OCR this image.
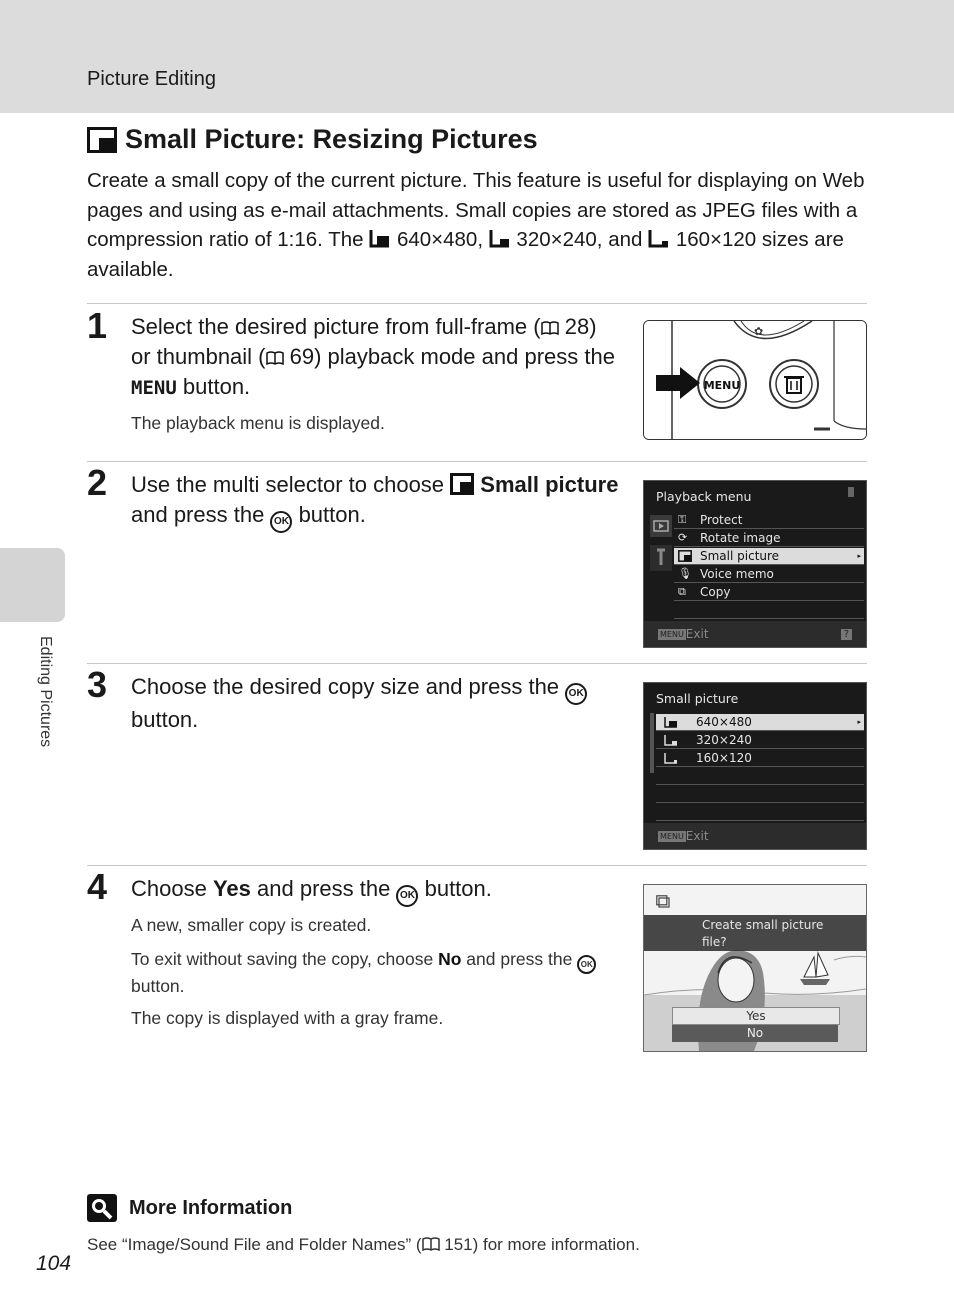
Picture Editing
Editing Pictures
Small Picture: Resizing Pictures
Create a small copy of the current picture. This feature is useful for displaying on Web pages and using as e-mail attachments. Small copies are stored as JPEG files with a compression ratio of 1:16. The 640×480, 320×240, and 160×120 sizes are available.
1 Select the desired picture from full-frame ( 28) or thumbnail ( 69) playback mode and press the MENU button.
The playback menu is displayed.
✿
MENU
2 Use the multi selector to choose Small picture and press the OK button.
Playback menu
⚿	Protect
⟳	Rotate image
Small picture	▸
🎙 Voice memo
⧉	Copy
MENU Exit	?
3 Choose the desired copy size and press the OK button.
Small picture
640×480	▸
320×240
160×120
MENU Exit
4 Choose Yes and press the OK button.
A new, smaller copy is created.
To exit without saving the copy, choose No and press the OK button.
The copy is displayed with a gray frame.
Create small picture file?
Yes
No
More Information
See “Image/Sound File and Folder Names” ( 151) for more information.
104
